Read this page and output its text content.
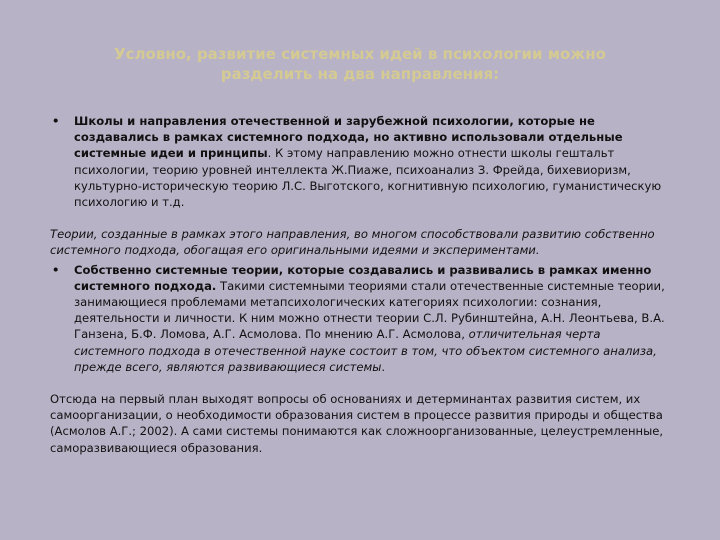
Условно, развитие системных идей в психологии можно
разделить на два направления:
• Школы и направления отечественной и зарубежной психологии, которые не создавались в рамках системного подхода, но активно использовали отдельные системные идеи и принципы. К этому направлению можно отнести школы гештальт психологии, теорию уровней интеллекта Ж.Пиаже, психоанализ З. Фрейда, бихевиоризм, культурно-историческую теорию Л.С. Выготского, когнитивную психологию, гуманистическую психологию и т.д.
Теории, созданные в рамках этого направления, во многом способствовали развитию собственно системного подхода, обогащая его оригинальными идеями и экспериментами.
• Собственно системные теории, которые создавались и развивались в рамках именно системного подхода. Такими системными теориями стали отечественные системные теории, занимающиеся проблемами метапсихологических категориях психологии: сознания, деятельности и личности. К ним можно отнести теории С.Л. Рубинштейна, А.Н. Леонтьева, В.А. Ганзена, Б.Ф. Ломова, А.Г. Асмолова. По мнению А.Г. Асмолова, отличительная черта системного подхода в отечественной науке состоит в том, что объектом системного анализа, прежде всего, являются развивающиеся системы.
Отсюда на первый план выходят вопросы об основаниях и детерминантах развития систем, их самоорганизации, о необходимости образования систем в процессе развития природы и общества (Асмолов А.Г.; 2002). А сами системы понимаются как сложноорганизованные, целеустремленные, саморазвивающиеся образования.
